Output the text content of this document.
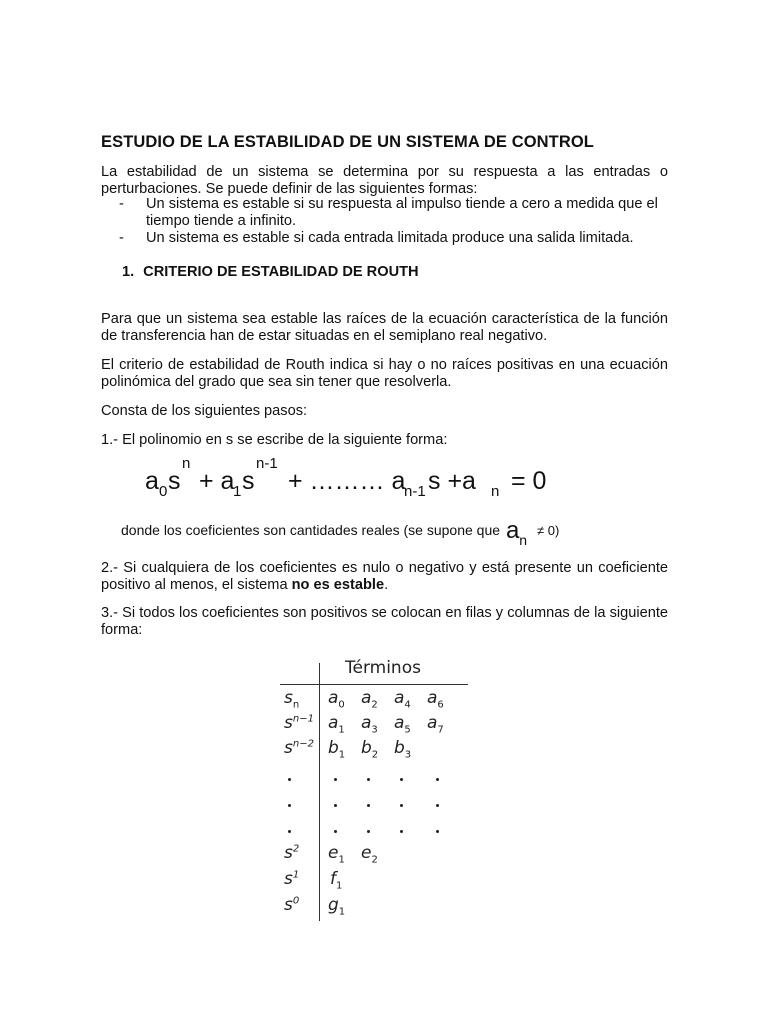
ESTUDIO DE LA ESTABILIDAD DE UN SISTEMA DE CONTROL
La estabilidad de un sistema se determina por su respuesta a las entradas o perturbaciones. Se puede definir de las siguientes formas:
- Un sistema es estable si su respuesta al impulso tiende a cero a medida que el tiempo tiende a infinito.
- Un sistema es estable si cada entrada limitada produce una salida limitada.
1. CRITERIO DE ESTABILIDAD DE ROUTH
Para que un sistema sea estable las raíces de la ecuación característica de la función de transferencia han de estar situadas en el semiplano real negativo.
El criterio de estabilidad de Routh indica si hay o no raíces positivas en una ecuación polinómica del grado que sea sin tener que resolverla.
Consta de los siguientes pasos:
1.- El polinomio en s se escribe de la siguiente forma:
a 0 s
n
+ a
1 s
n-1
+ ……… a
n-1 s +a n = 0
donde los coeficientes son cantidades reales (se supone que an ≠ 0)
2.- Si cualquiera de los coeficientes es nulo o negativo y está presente un coeficiente positivo al menos, el sistema no es estable.
3.- Si todos los coeficientes son positivos se colocan en filas y columnas de la siguiente forma:
Términos
$s_n$ $a_0$ $a_2$ $a_4$ $a_6$
$s^{n-1}$ $a_1$ $a_3$ $a_5$ $a_7$
$s^{n-2}$ $b_1$ $b_2$ $b_3$
$s^2$ $e_1$ $e_2$
$s^1$ $f_1$
$s^0$ $g_1$
